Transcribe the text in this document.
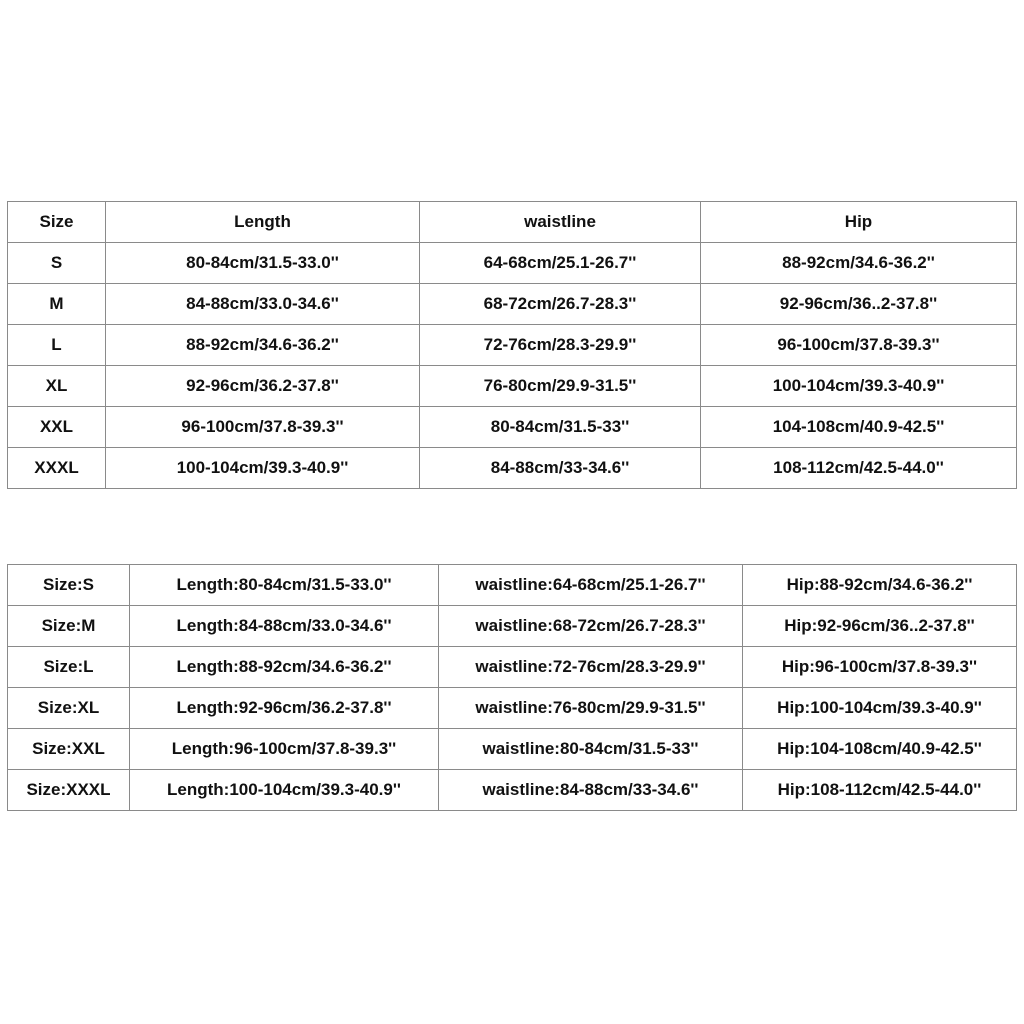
Size	Length	waistline	Hip
S	80-84cm/31.5-33.0''	64-68cm/25.1-26.7''	88-92cm/34.6-36.2''
M	84-88cm/33.0-34.6''	68-72cm/26.7-28.3''	92-96cm/36..2-37.8''
L	88-92cm/34.6-36.2''	72-76cm/28.3-29.9''	96-100cm/37.8-39.3''
XL	92-96cm/36.2-37.8''	76-80cm/29.9-31.5''	100-104cm/39.3-40.9''
XXL	96-100cm/37.8-39.3''	80-84cm/31.5-33''	104-108cm/40.9-42.5''
XXXL	100-104cm/39.3-40.9''	84-88cm/33-34.6''	108-112cm/42.5-44.0''
Size:S	Length:80-84cm/31.5-33.0''	waistline:64-68cm/25.1-26.7''	Hip:88-92cm/34.6-36.2''
Size:M	Length:84-88cm/33.0-34.6''	waistline:68-72cm/26.7-28.3''	Hip:92-96cm/36..2-37.8''
Size:L	Length:88-92cm/34.6-36.2''	waistline:72-76cm/28.3-29.9''	Hip:96-100cm/37.8-39.3''
Size:XL	Length:92-96cm/36.2-37.8''	waistline:76-80cm/29.9-31.5''	Hip:100-104cm/39.3-40.9''
Size:XXL	Length:96-100cm/37.8-39.3''	waistline:80-84cm/31.5-33''	Hip:104-108cm/40.9-42.5''
Size:XXXL	Length:100-104cm/39.3-40.9''	waistline:84-88cm/33-34.6''	Hip:108-112cm/42.5-44.0''
